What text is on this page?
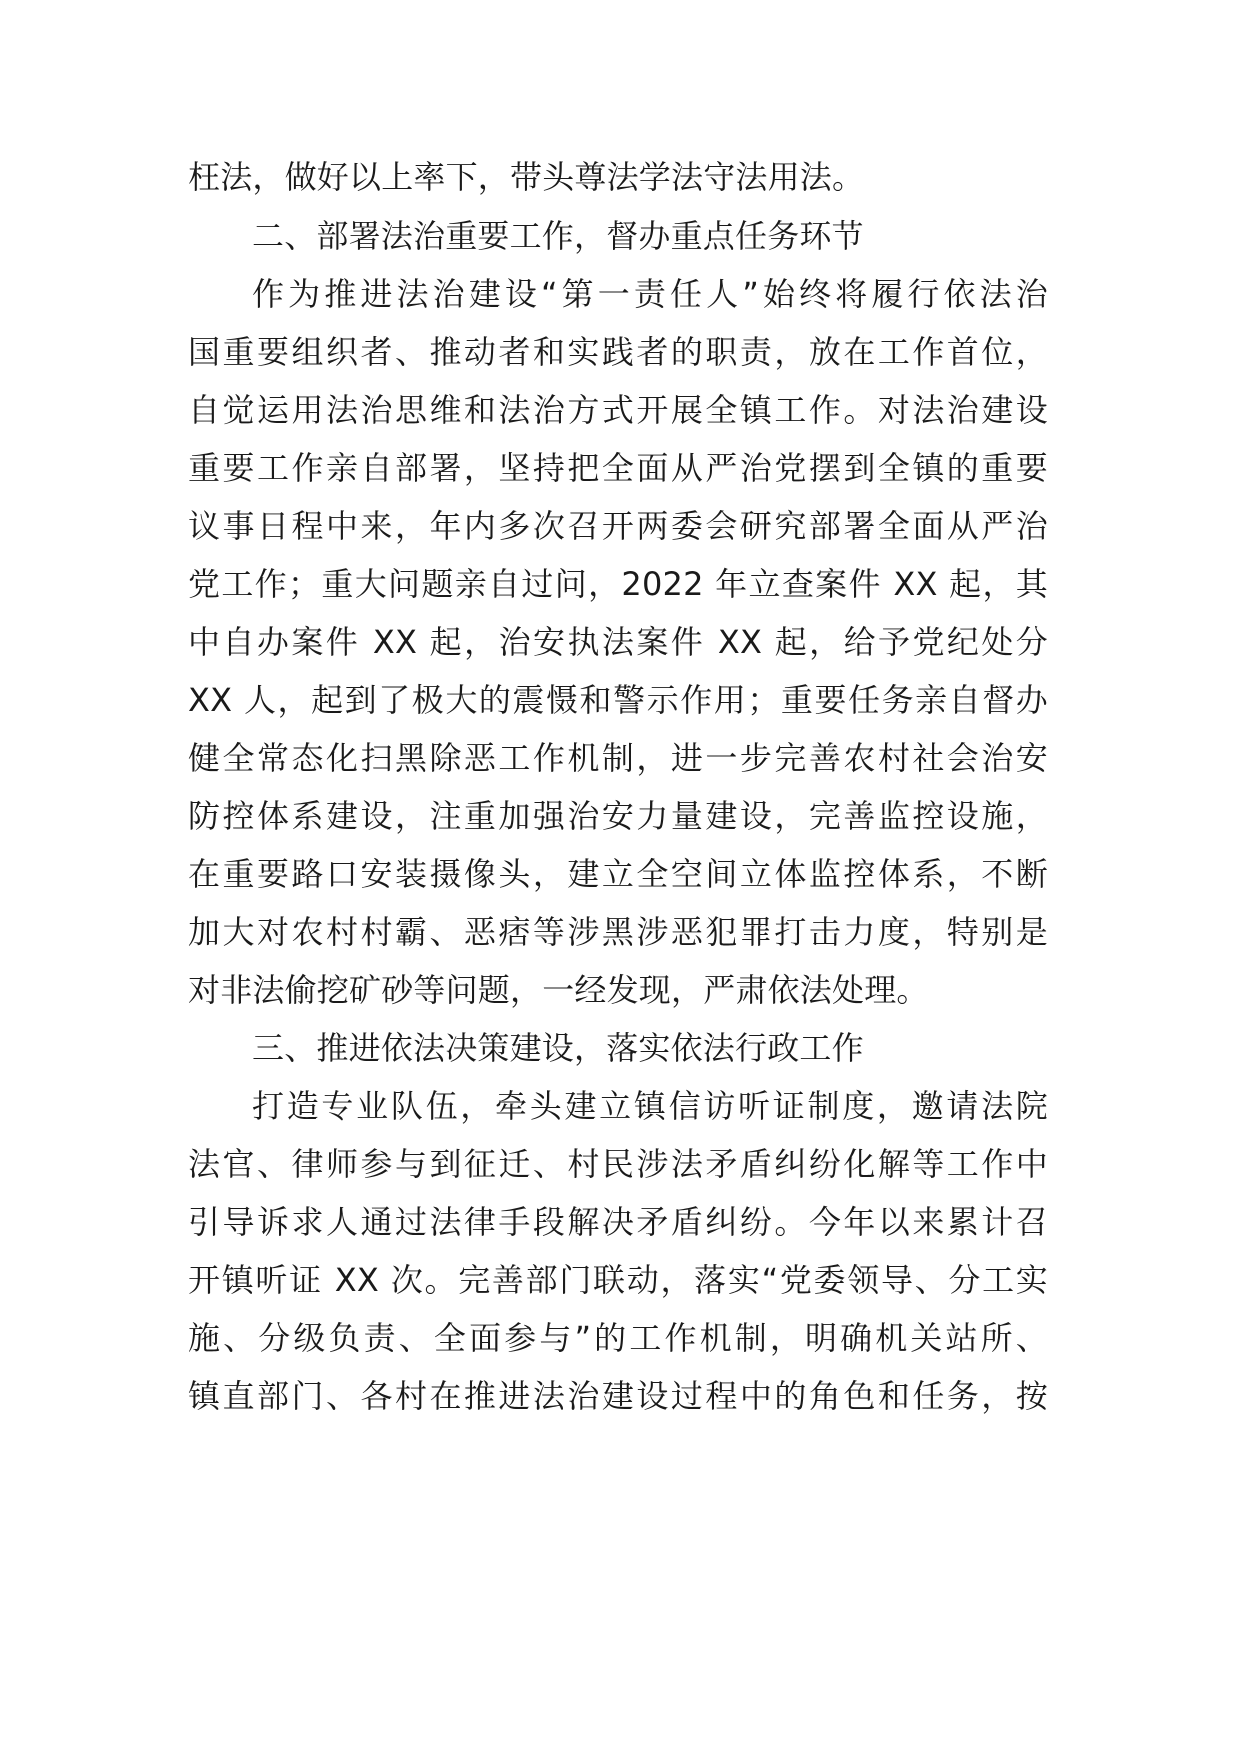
枉法，做好以上率下，带头尊法学法守法用法。
二、部署法治重要工作，督办重点任务环节
作为推进法治建设“第一责任人”始终将履行依法治
国重要组织者、推动者和实践者的职责，放在工作首位，
自觉运用法治思维和法治方式开展全镇工作。对法治建设
重要工作亲自部署，坚持把全面从严治党摆到全镇的重要
议事日程中来，年内多次召开两委会研究部署全面从严治
党工作；重大问题亲自过问，2022 年立查案件 XX 起，其
中自办案件 XX 起，治安执法案件 XX 起，给予党纪处分
XX 人，起到了极大的震慑和警示作用；重要任务亲自督办
健全常态化扫黑除恶工作机制，进一步完善农村社会治安
防控体系建设，注重加强治安力量建设，完善监控设施，
在重要路口安装摄像头，建立全空间立体监控体系，不断
加大对农村村霸、恶痞等涉黑涉恶犯罪打击力度，特别是
对非法偷挖矿砂等问题，一经发现，严肃依法处理。
三、推进依法决策建设，落实依法行政工作
打造专业队伍，牵头建立镇信访听证制度，邀请法院
法官、律师参与到征迁、村民涉法矛盾纠纷化解等工作中
引导诉求人通过法律手段解决矛盾纠纷。今年以来累计召
开镇听证 XX 次。完善部门联动，落实“党委领导、分工实
施、分级负责、全面参与”的工作机制，明确机关站所、
镇直部门、各村在推进法治建设过程中的角色和任务，按
